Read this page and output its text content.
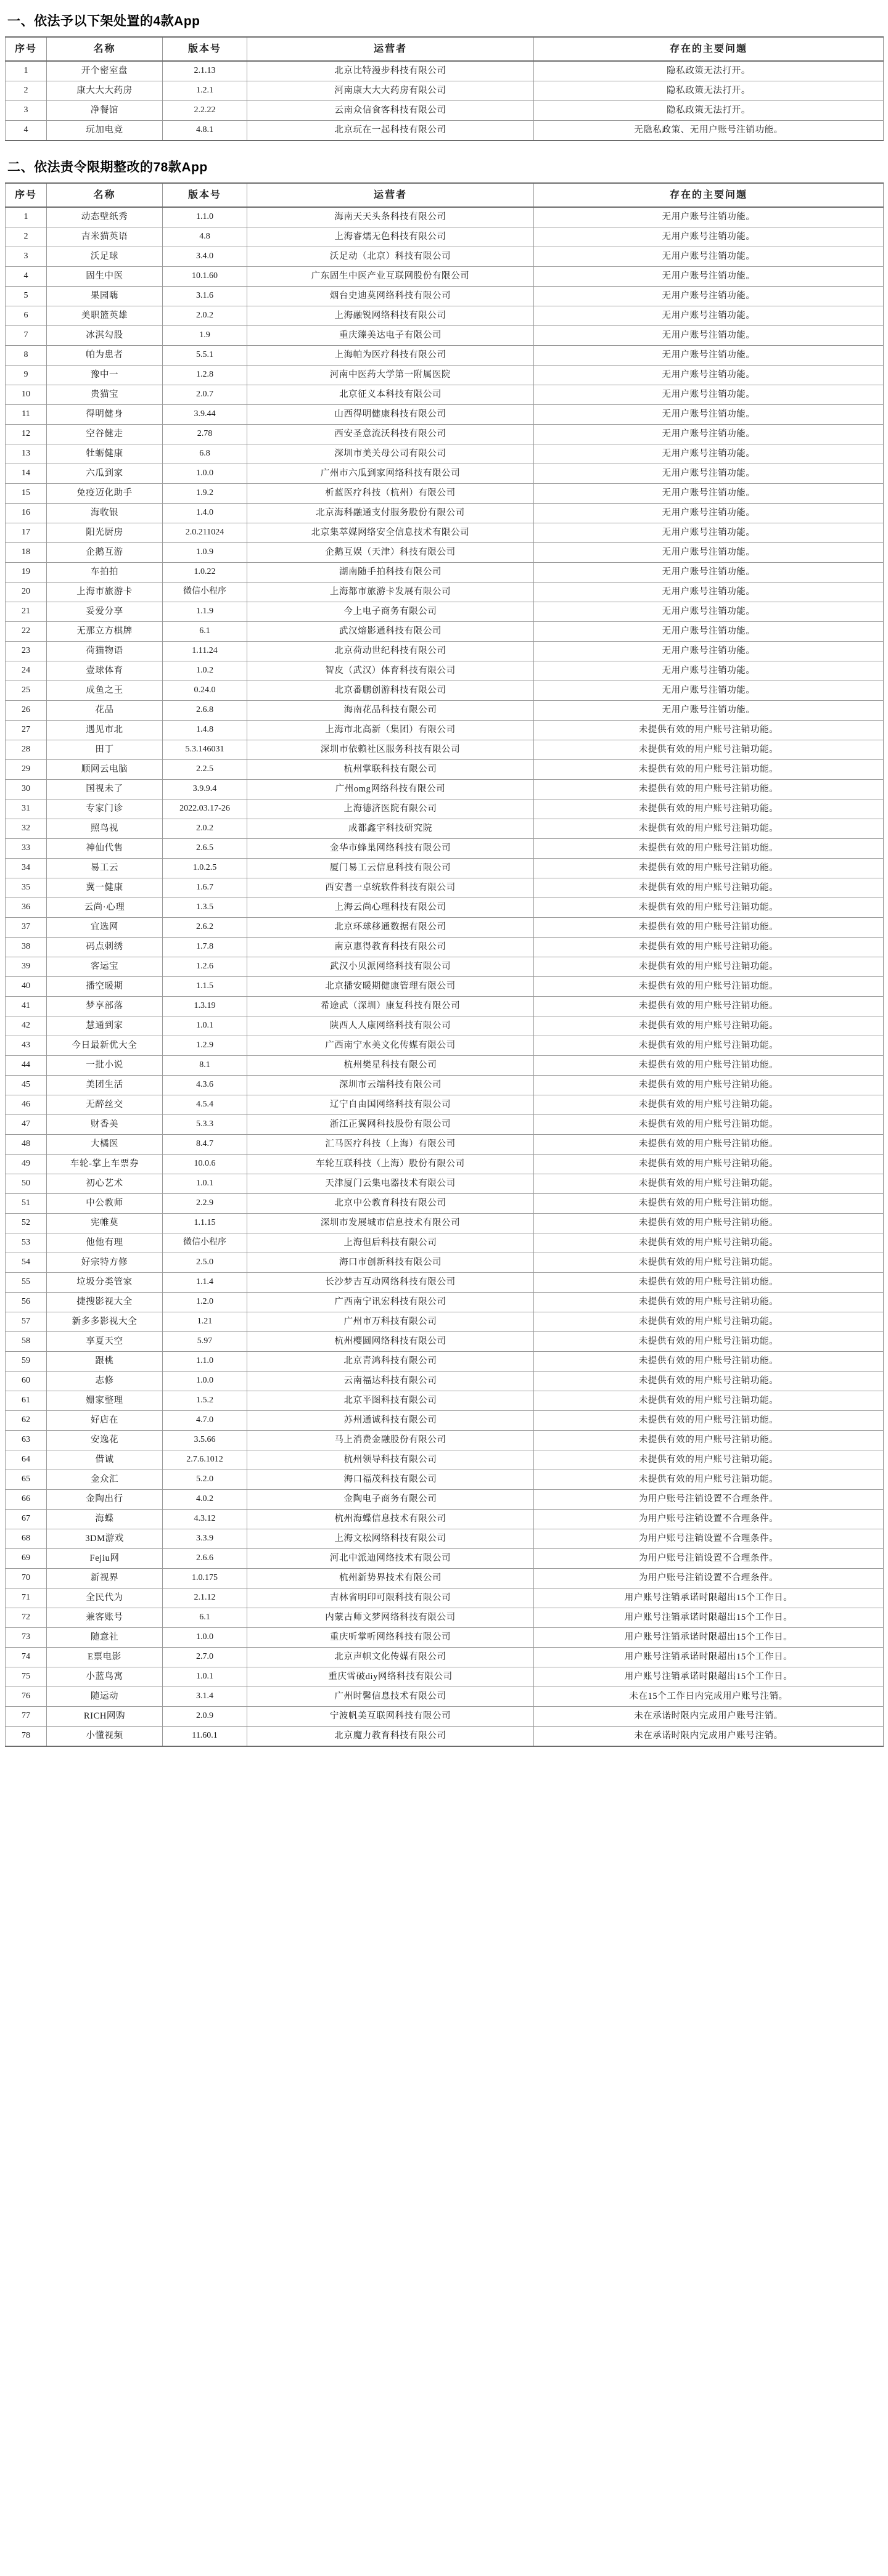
一、依法予以下架处置的4款App
序号	名称	版本号	运营者	存在的主要问题
1	开个密室盘	2.1.13	北京比特漫步科技有限公司	隐私政策无法打开。
2	康大大大药房	1.2.1	河南康大大大药房有限公司	隐私政策无法打开。
3	净餐馆	2.2.22	云南众信食客科技有限公司	隐私政策无法打开。
4	玩加电竞	4.8.1	北京玩在一起科技有限公司	无隐私政策、无用户账号注销功能。
二、依法责令限期整改的78款App
序号	名称	版本号	运营者	存在的主要问题
1	动态壁纸秀	1.1.0	海南天天头条科技有限公司	无用户账号注销功能。
2	吉米猫英语	4.8	上海睿燸无色科技有限公司	无用户账号注销功能。
3	沃足球	3.4.0	沃足动（北京）科技有限公司	无用户账号注销功能。
4	固生中医	10.1.60	广东固生中医产业互联网股份有限公司	无用户账号注销功能。
5	果园嗨	3.1.6	烟台史迪莫网络科技有限公司	无用户账号注销功能。
6	美职篮英雄	2.0.2	上海融锐网络科技有限公司	无用户账号注销功能。
7	冰淇勾股	1.9	重庆臻美达电子有限公司	无用户账号注销功能。
8	帕为患者	5.5.1	上海帕为医疗科技有限公司	无用户账号注销功能。
9	豫中一	1.2.8	河南中医药大学第一附属医院	无用户账号注销功能。
10	贵猫宝	2.0.7	北京征义本科技有限公司	无用户账号注销功能。
11	得明健身	3.9.44	山西得明健康科技有限公司	无用户账号注销功能。
12	空谷健走	2.78	西安圣意流沃科技有限公司	无用户账号注销功能。
13	牡蛎健康	6.8	深圳市美关母公司有限公司	无用户账号注销功能。
14	六瓜到家	1.0.0	广州市六瓜到家网络科技有限公司	无用户账号注销功能。
15	免疫迈化助手	1.9.2	析蓝医疗科技（杭州）有限公司	无用户账号注销功能。
16	海收银	1.4.0	北京海科融通支付服务股份有限公司	无用户账号注销功能。
17	阳光厨房	2.0.211024	北京集萃媒网络安全信息技术有限公司	无用户账号注销功能。
18	企鹅互游	1.0.9	企鹅互娱（天津）科技有限公司	无用户账号注销功能。
19	车拍拍	1.0.22	湖南随手拍科技有限公司	无用户账号注销功能。
20	上海市旅游卡	微信小程序	上海都市旅游卡发展有限公司	无用户账号注销功能。
21	妥爱分享	1.1.9	今上电子商务有限公司	无用户账号注销功能。
22	无那立方棋牌	6.1	武汉熔影通科技有限公司	无用户账号注销功能。
23	荷猫物语	1.11.24	北京荷动世纪科技有限公司	无用户账号注销功能。
24	壹球体育	1.0.2	智皮（武汉）体育科技有限公司	无用户账号注销功能。
25	成鱼之王	0.24.0	北京番鹏创游科技有限公司	无用户账号注销功能。
26	花品	2.6.8	海南花品科技有限公司	无用户账号注销功能。
27	遇见市北	1.4.8	上海市北高新（集团）有限公司	未提供有效的用户账号注销功能。
28	田丁	5.3.146031	深圳市依赖社区服务科技有限公司	未提供有效的用户账号注销功能。
29	顺网云电脑	2.2.5	杭州掌联科技有限公司	未提供有效的用户账号注销功能。
30	国视未了	3.9.9.4	广州omg网络科技有限公司	未提供有效的用户账号注销功能。
31	专家门诊	2022.03.17-26	上海德济医院有限公司	未提供有效的用户账号注销功能。
32	照鸟视	2.0.2	成都鑫宇科技研究院	未提供有效的用户账号注销功能。
33	神仙代售	2.6.5	金华市蜂巢网络科技有限公司	未提供有效的用户账号注销功能。
34	易工云	1.0.2.5	厦门易工云信息科技有限公司	未提供有效的用户账号注销功能。
35	冀一健康	1.6.7	西安耆一卓统软件科技有限公司	未提供有效的用户账号注销功能。
36	云尚·心理	1.3.5	上海云尚心理科技有限公司	未提供有效的用户账号注销功能。
37	宜选网	2.6.2	北京环球移通数据有限公司	未提供有效的用户账号注销功能。
38	码点刺绣	1.7.8	南京惠得教育科技有限公司	未提供有效的用户账号注销功能。
39	客运宝	1.2.6	武汉小贝派网络科技有限公司	未提供有效的用户账号注销功能。
40	播空暖期	1.1.5	北京播安暖期健康管理有限公司	未提供有效的用户账号注销功能。
41	梦享部落	1.3.19	希途武（深圳）康复科技有限公司	未提供有效的用户账号注销功能。
42	慧通到家	1.0.1	陕西人人康网络科技有限公司	未提供有效的用户账号注销功能。
43	今日最新优大全	1.2.9	广西南宁水美文化传媒有限公司	未提供有效的用户账号注销功能。
44	一批小说	8.1	杭州樊星科技有限公司	未提供有效的用户账号注销功能。
45	美团生活	4.3.6	深圳市云端科技有限公司	未提供有效的用户账号注销功能。
46	无醉丝交	4.5.4	辽宁自由国网络科技有限公司	未提供有效的用户账号注销功能。
47	财香美	5.3.3	浙江正翼网科技股份有限公司	未提供有效的用户账号注销功能。
48	大橘医	8.4.7	汇马医疗科技（上海）有限公司	未提供有效的用户账号注销功能。
49	车轮-掌上车票券	10.0.6	车轮互联科技（上海）股份有限公司	未提供有效的用户账号注销功能。
50	初心艺术	1.0.1	天津厦门云集电器技术有限公司	未提供有效的用户账号注销功能。
51	中公教师	2.2.9	北京中公教育科技有限公司	未提供有效的用户账号注销功能。
52	宪帷莫	1.1.15	深圳市发展城市信息技术有限公司	未提供有效的用户账号注销功能。
53	他他有理	微信小程序	上海但后科技有限公司	未提供有效的用户账号注销功能。
54	好宗特方修	2.5.0	海口市创新科技有限公司	未提供有效的用户账号注销功能。
55	垃圾分类管家	1.1.4	长沙梦吉互动网络科技有限公司	未提供有效的用户账号注销功能。
56	捷搜影视大全	1.2.0	广西南宁讯宏科技有限公司	未提供有效的用户账号注销功能。
57	新多多影视大全	1.21	广州市万科技有限公司	未提供有效的用户账号注销功能。
58	享夏天空	5.97	杭州樱圆网络科技有限公司	未提供有效的用户账号注销功能。
59	跟桃	1.1.0	北京青鸿科技有限公司	未提供有效的用户账号注销功能。
60	志修	1.0.0	云南福达科技有限公司	未提供有效的用户账号注销功能。
61	姗家整理	1.5.2	北京平图科技有限公司	未提供有效的用户账号注销功能。
62	好店在	4.7.0	苏州通诚科技有限公司	未提供有效的用户账号注销功能。
63	安逸花	3.5.66	马上消费金融股份有限公司	未提供有效的用户账号注销功能。
64	借诚	2.7.6.1012	杭州领导科技有限公司	未提供有效的用户账号注销功能。
65	金众汇	5.2.0	海口福茂科技有限公司	未提供有效的用户账号注销功能。
66	金陶出行	4.0.2	金陶电子商务有限公司	为用户账号注销设置不合理条件。
67	海蝶	4.3.12	杭州海蝶信息技术有限公司	为用户账号注销设置不合理条件。
68	3DM游戏	3.3.9	上海文松网络科技有限公司	为用户账号注销设置不合理条件。
69	Fejiu网	2.6.6	河北中派迪网络技术有限公司	为用户账号注销设置不合理条件。
70	新视界	1.0.175	杭州新势界技术有限公司	为用户账号注销设置不合理条件。
71	全民代为	2.1.12	吉林省明印可限科技有限公司	用户账号注销承诺时限超出15个工作日。
72	兼客账号	6.1	内蒙古师文梦网络科技有限公司	用户账号注销承诺时限超出15个工作日。
73	随意社	1.0.0	重庆听掌听网络科技有限公司	用户账号注销承诺时限超出15个工作日。
74	E票电影	2.7.0	北京声帜文化传媒有限公司	用户账号注销承诺时限超出15个工作日。
75	小蓝鸟寓	1.0.1	重庆雪破diy网络科技有限公司	用户账号注销承诺时限超出15个工作日。
76	随运动	3.1.4	广州时馨信息技术有限公司	未在15个工作日内完成用户账号注销。
77	RICH网购	2.0.9	宁波帆美互联网科技有限公司	未在承诺时限内完成用户账号注销。
78	小懂视频	11.60.1	北京魔力教育科技有限公司	未在承诺时限内完成用户账号注销。
